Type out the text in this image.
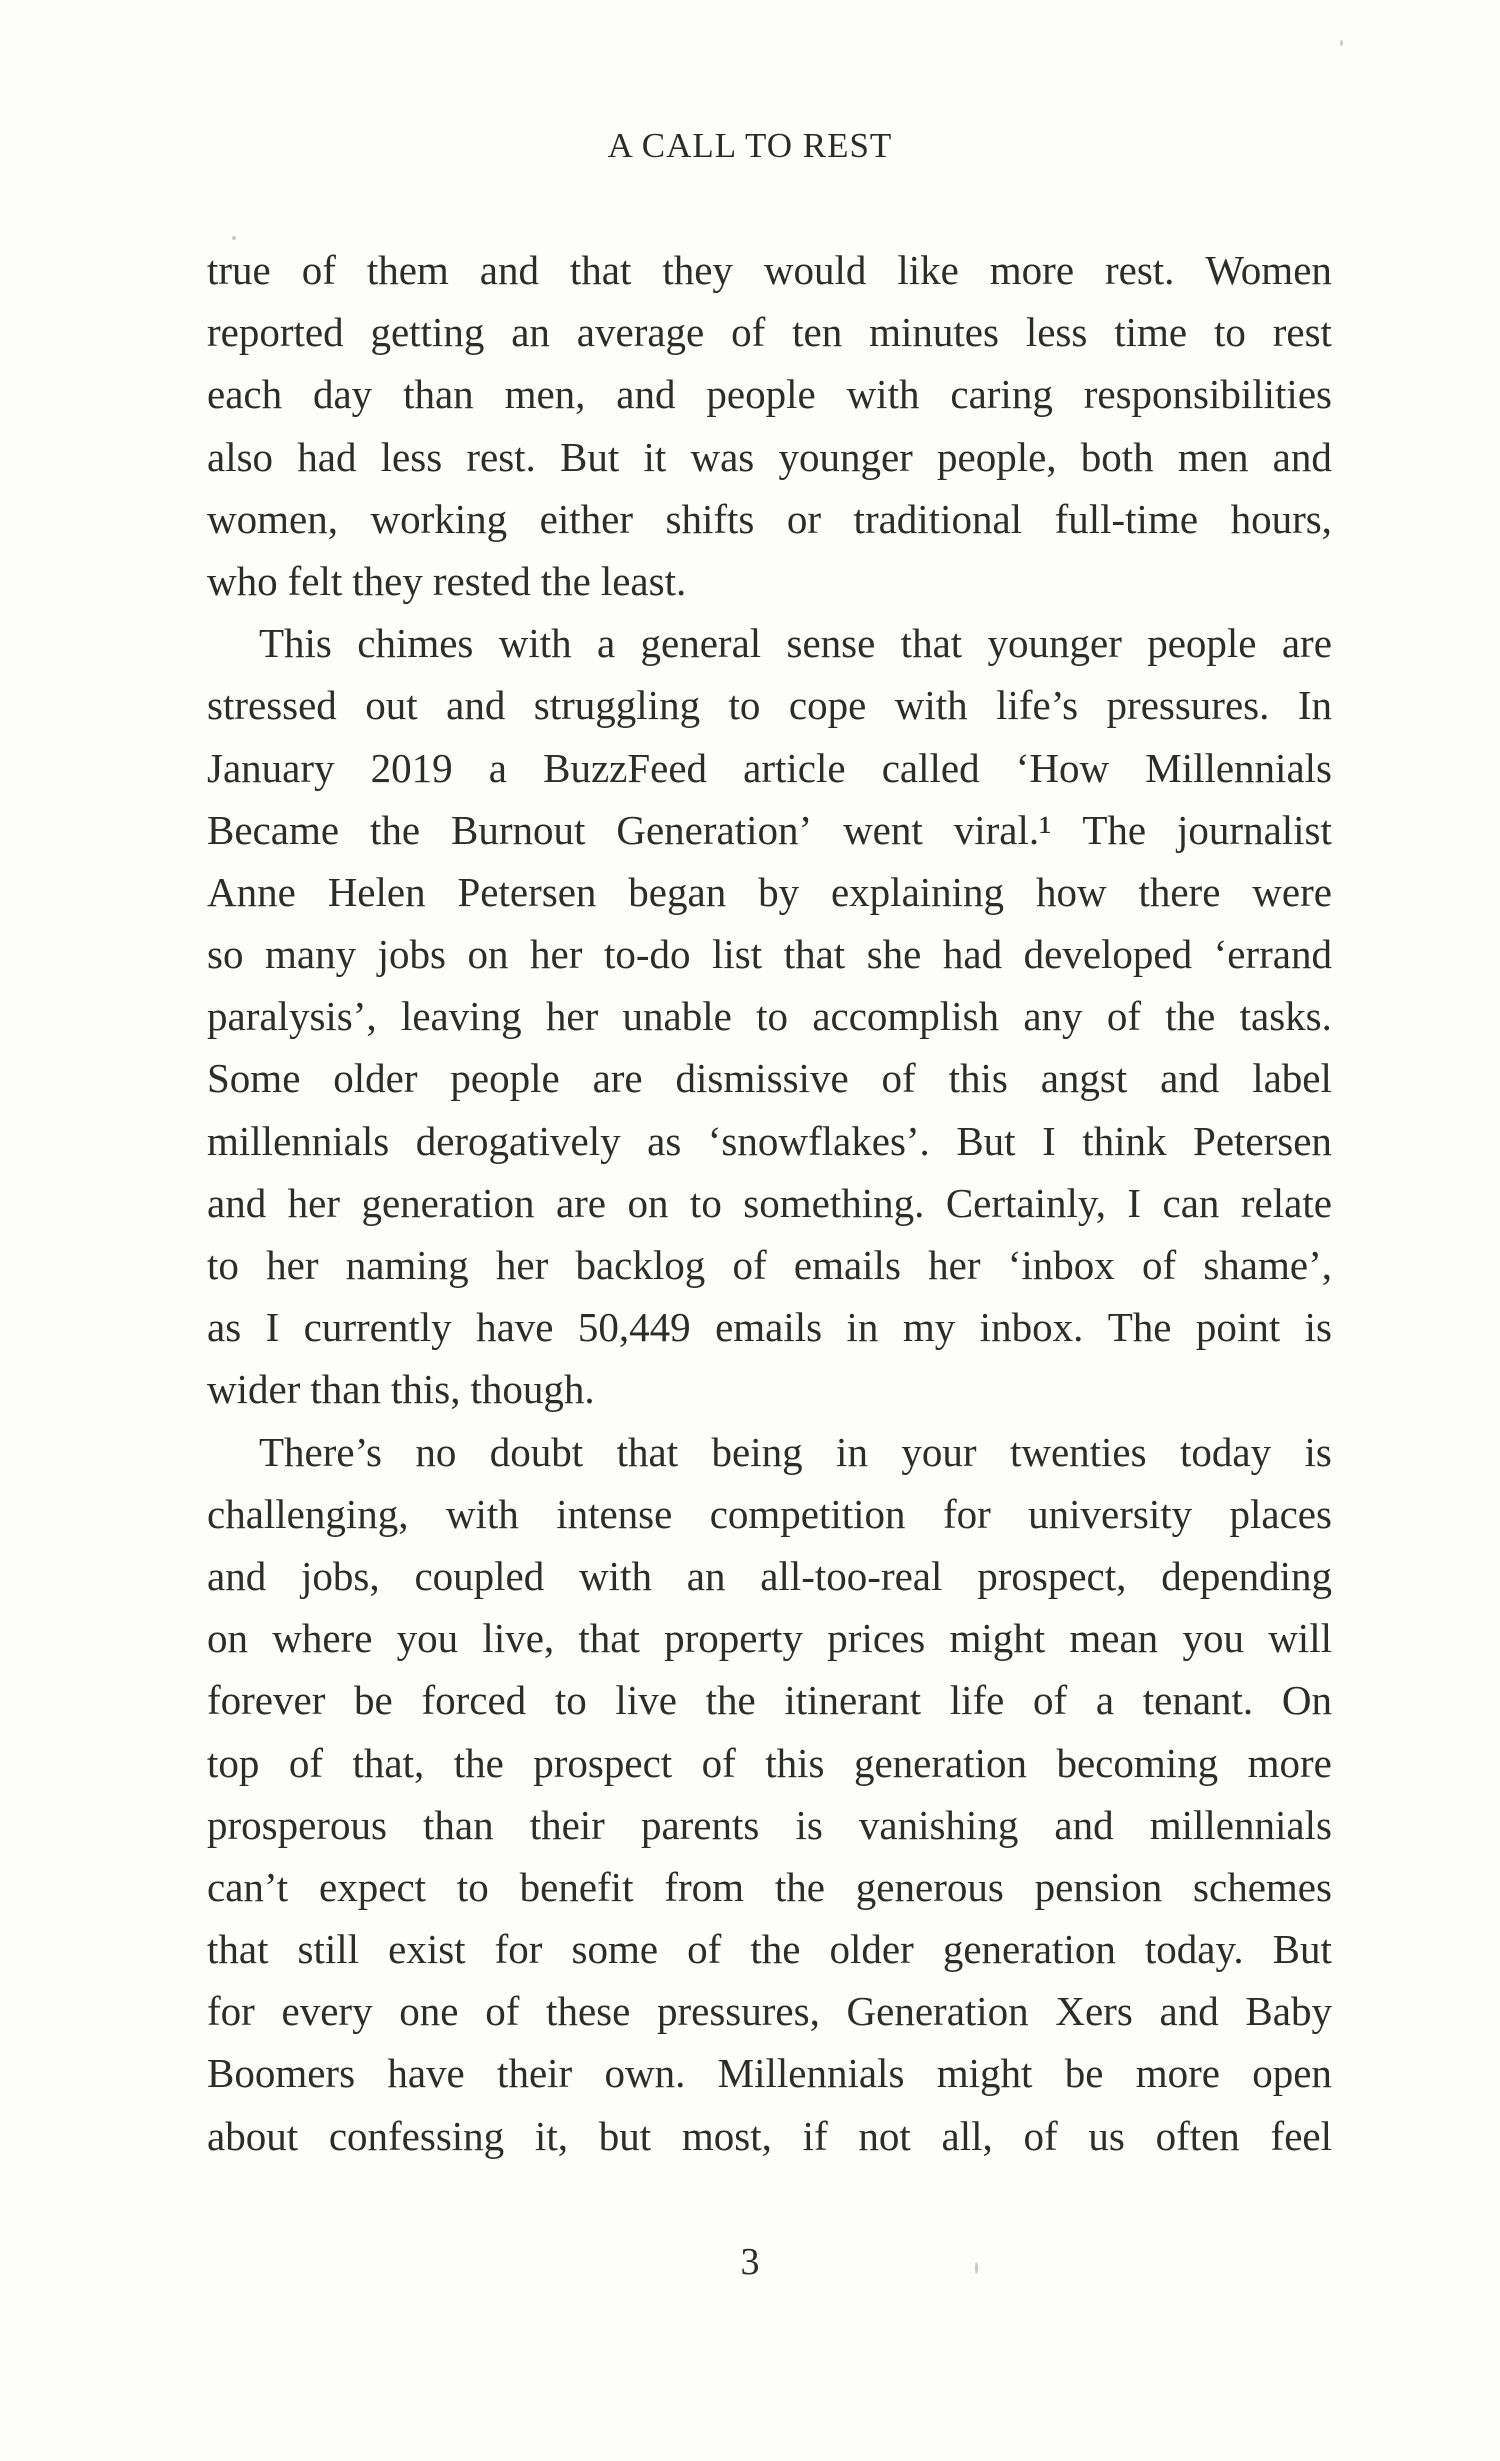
A CALL TO REST
true of them and that they would like more rest. Women
reported getting an average of ten minutes less time to rest
each day than men, and people with caring responsibilities
also had less rest. But it was younger people, both men and
women, working either shifts or traditional full-time hours,
who felt they rested the least.
This chimes with a general sense that younger people are
stressed out and struggling to cope with life’s pressures. In
January 2019 a BuzzFeed article called ‘How Millennials
Became the Burnout Generation’ went viral.¹ The journalist
Anne Helen Petersen began by explaining how there were
so many jobs on her to-do list that she had developed ‘errand
paralysis’, leaving her unable to accomplish any of the tasks.
Some older people are dismissive of this angst and label
millennials derogatively as ‘snowflakes’. But I think Petersen
and her generation are on to something. Certainly, I can relate
to her naming her backlog of emails her ‘inbox of shame’,
as I currently have 50,449 emails in my inbox. The point is
wider than this, though.
There’s no doubt that being in your twenties today is
challenging, with intense competition for university places
and jobs, coupled with an all-too-real prospect, depending
on where you live, that property prices might mean you will
forever be forced to live the itinerant life of a tenant. On
top of that, the prospect of this generation becoming more
prosperous than their parents is vanishing and millennials
can’t expect to benefit from the generous pension schemes
that still exist for some of the older generation today. But
for every one of these pressures, Generation Xers and Baby
Boomers have their own. Millennials might be more open
about confessing it, but most, if not all, of us often feel
3
